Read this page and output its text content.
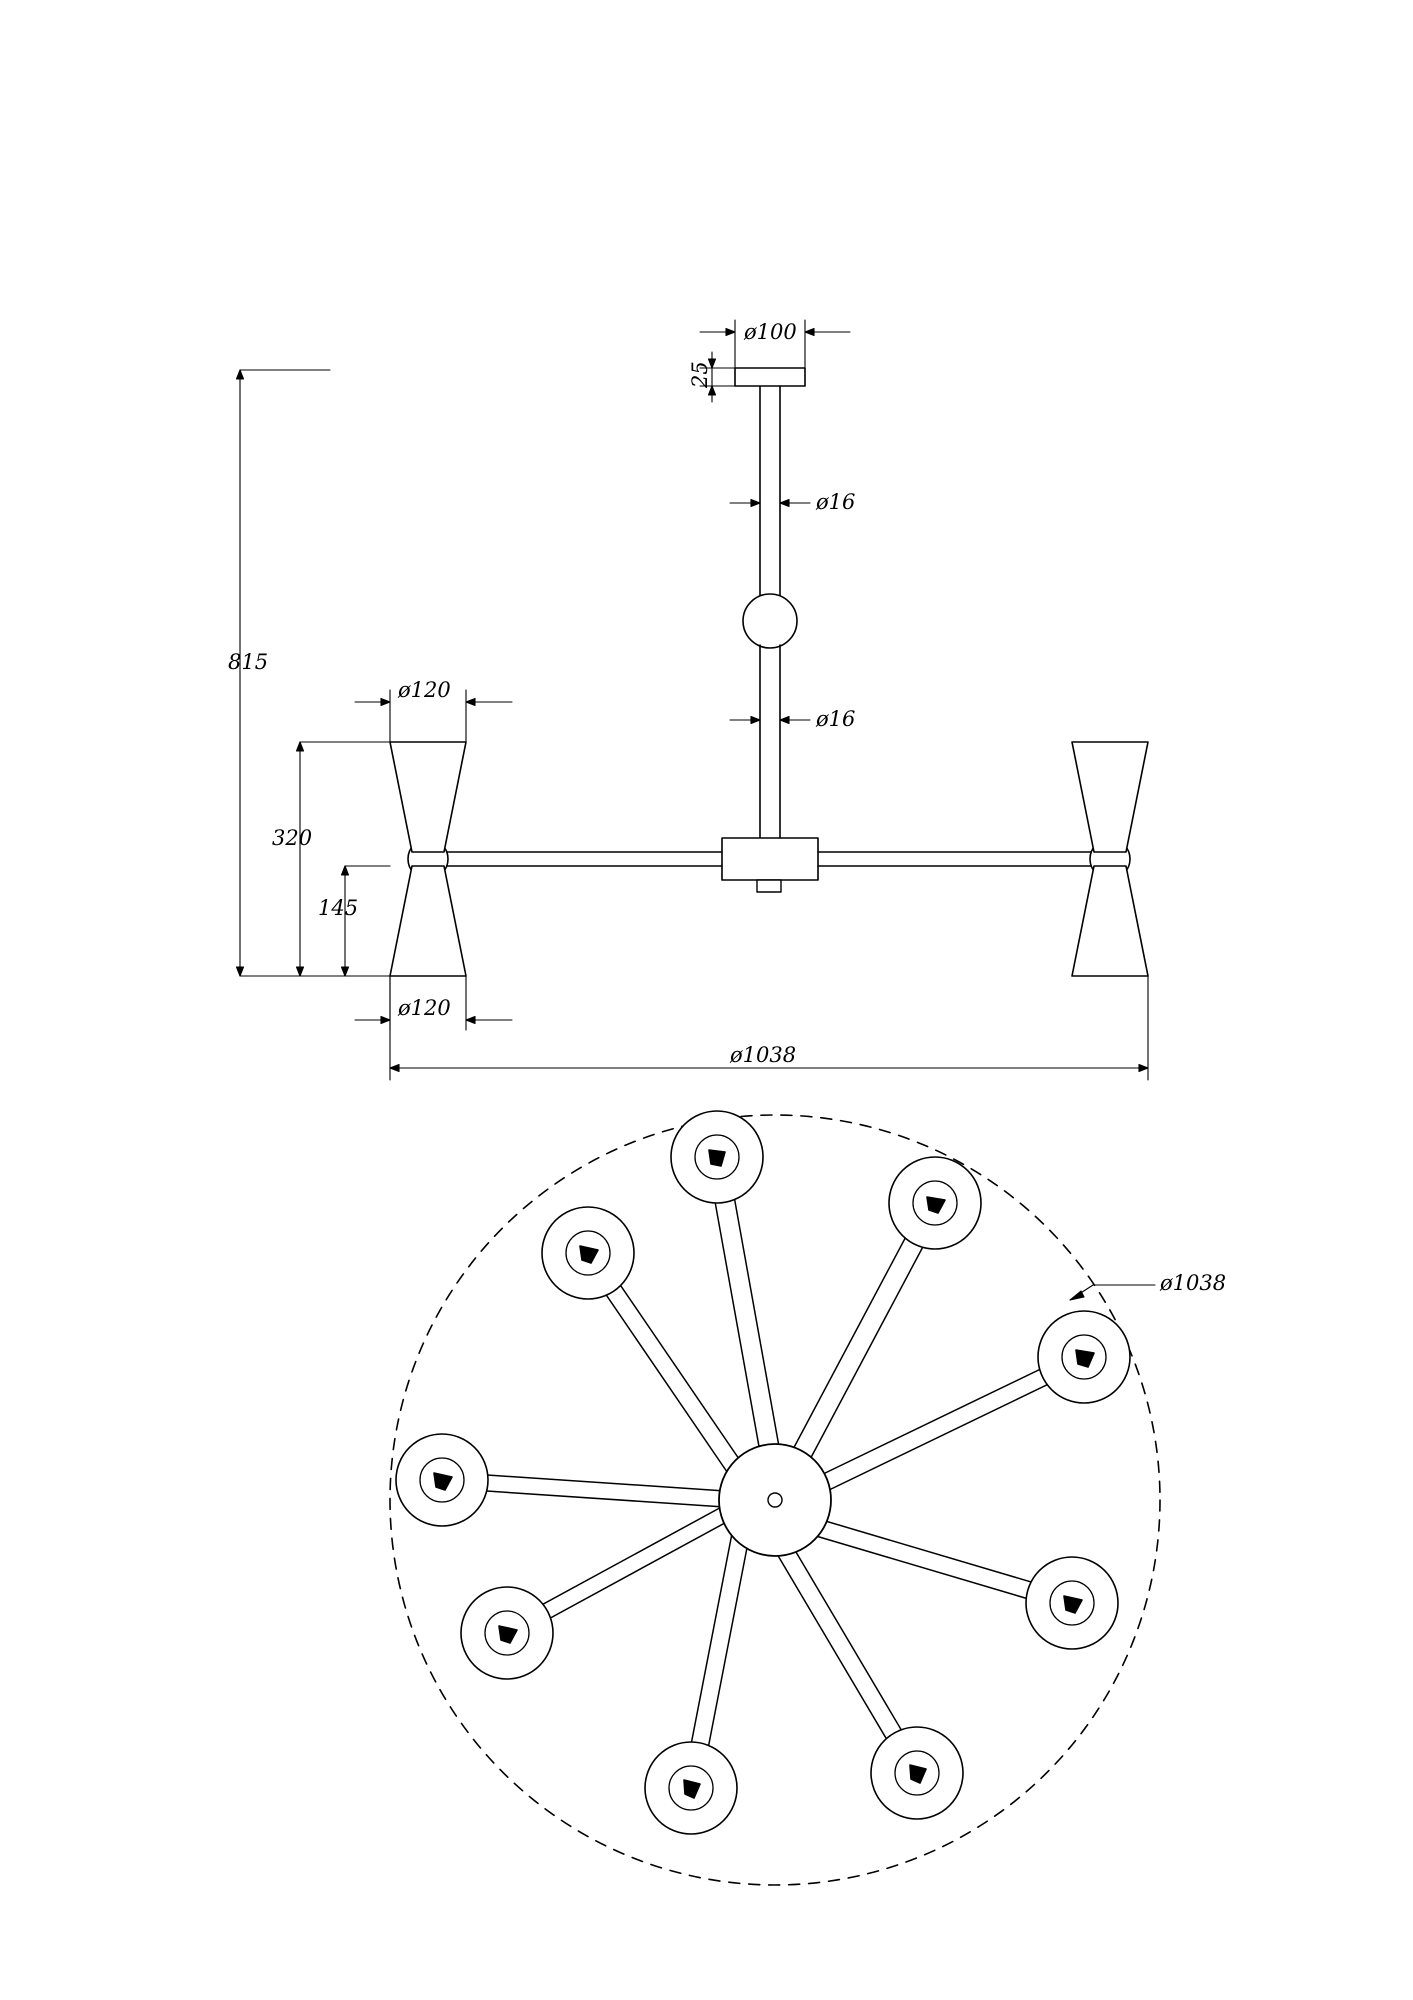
ø100
25
ø16
ø16
815
ø120
ø120
320
145
ø1038
ø1038
